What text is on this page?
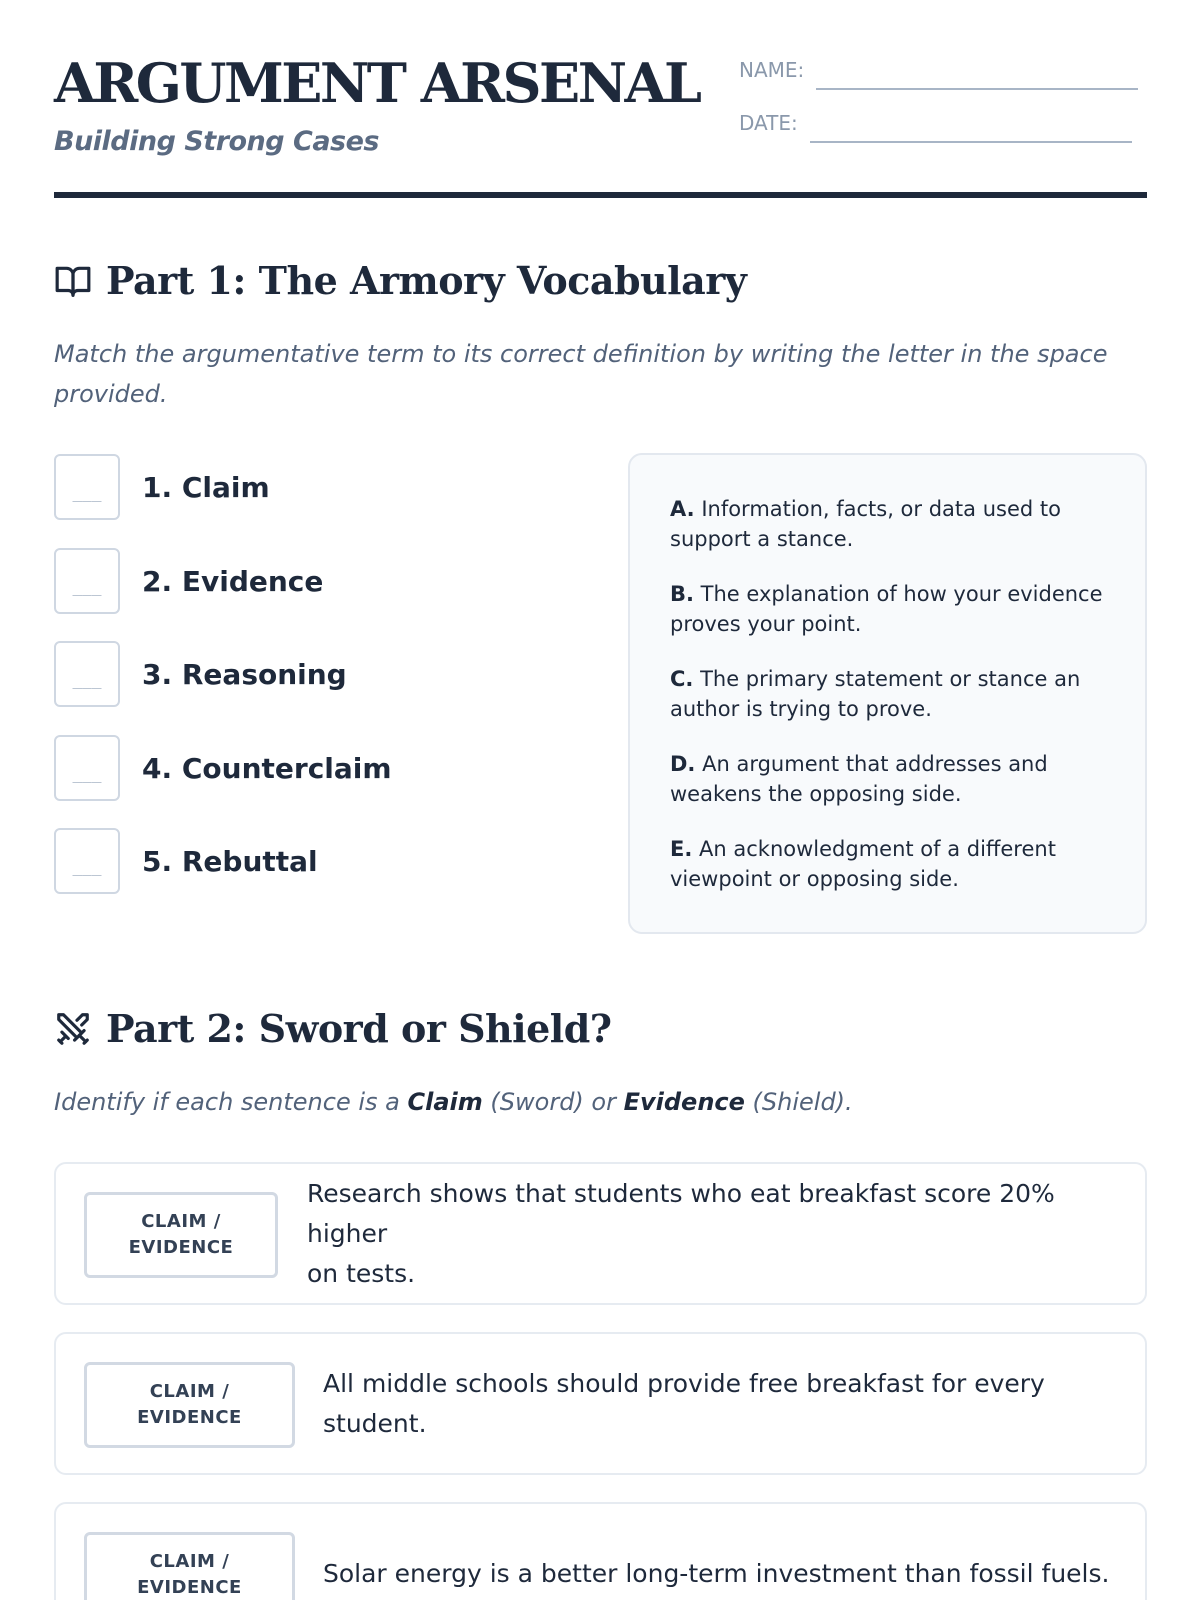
ARGUMENT ARSENAL
Building Strong Cases
NAME:
DATE:
Part 1: The Armory Vocabulary
Match the argumentative term to its correct definition by writing the letter in the space
provided.
___	1. Claim
___	2. Evidence
___	3. Reasoning
___	4. Counterclaim
___	5. Rebuttal
A. Information, facts, or data used to
support a stance.
B. The explanation of how your evidence
proves your point.
C. The primary statement or stance an
author is trying to prove.
D. An argument that addresses and
weakens the opposing side.
E. An acknowledgment of a different
viewpoint or opposing side.
Part 2: Sword or Shield?
Identify if each sentence is a Claim (Sword) or Evidence (Shield).
CLAIM /
EVIDENCE
Research shows that students who eat breakfast score 20% higher
on tests.
CLAIM /
EVIDENCE
All middle schools should provide free breakfast for every
student.
CLAIM /
EVIDENCE	Solar energy is a better long-term investment than fossil fuels.
